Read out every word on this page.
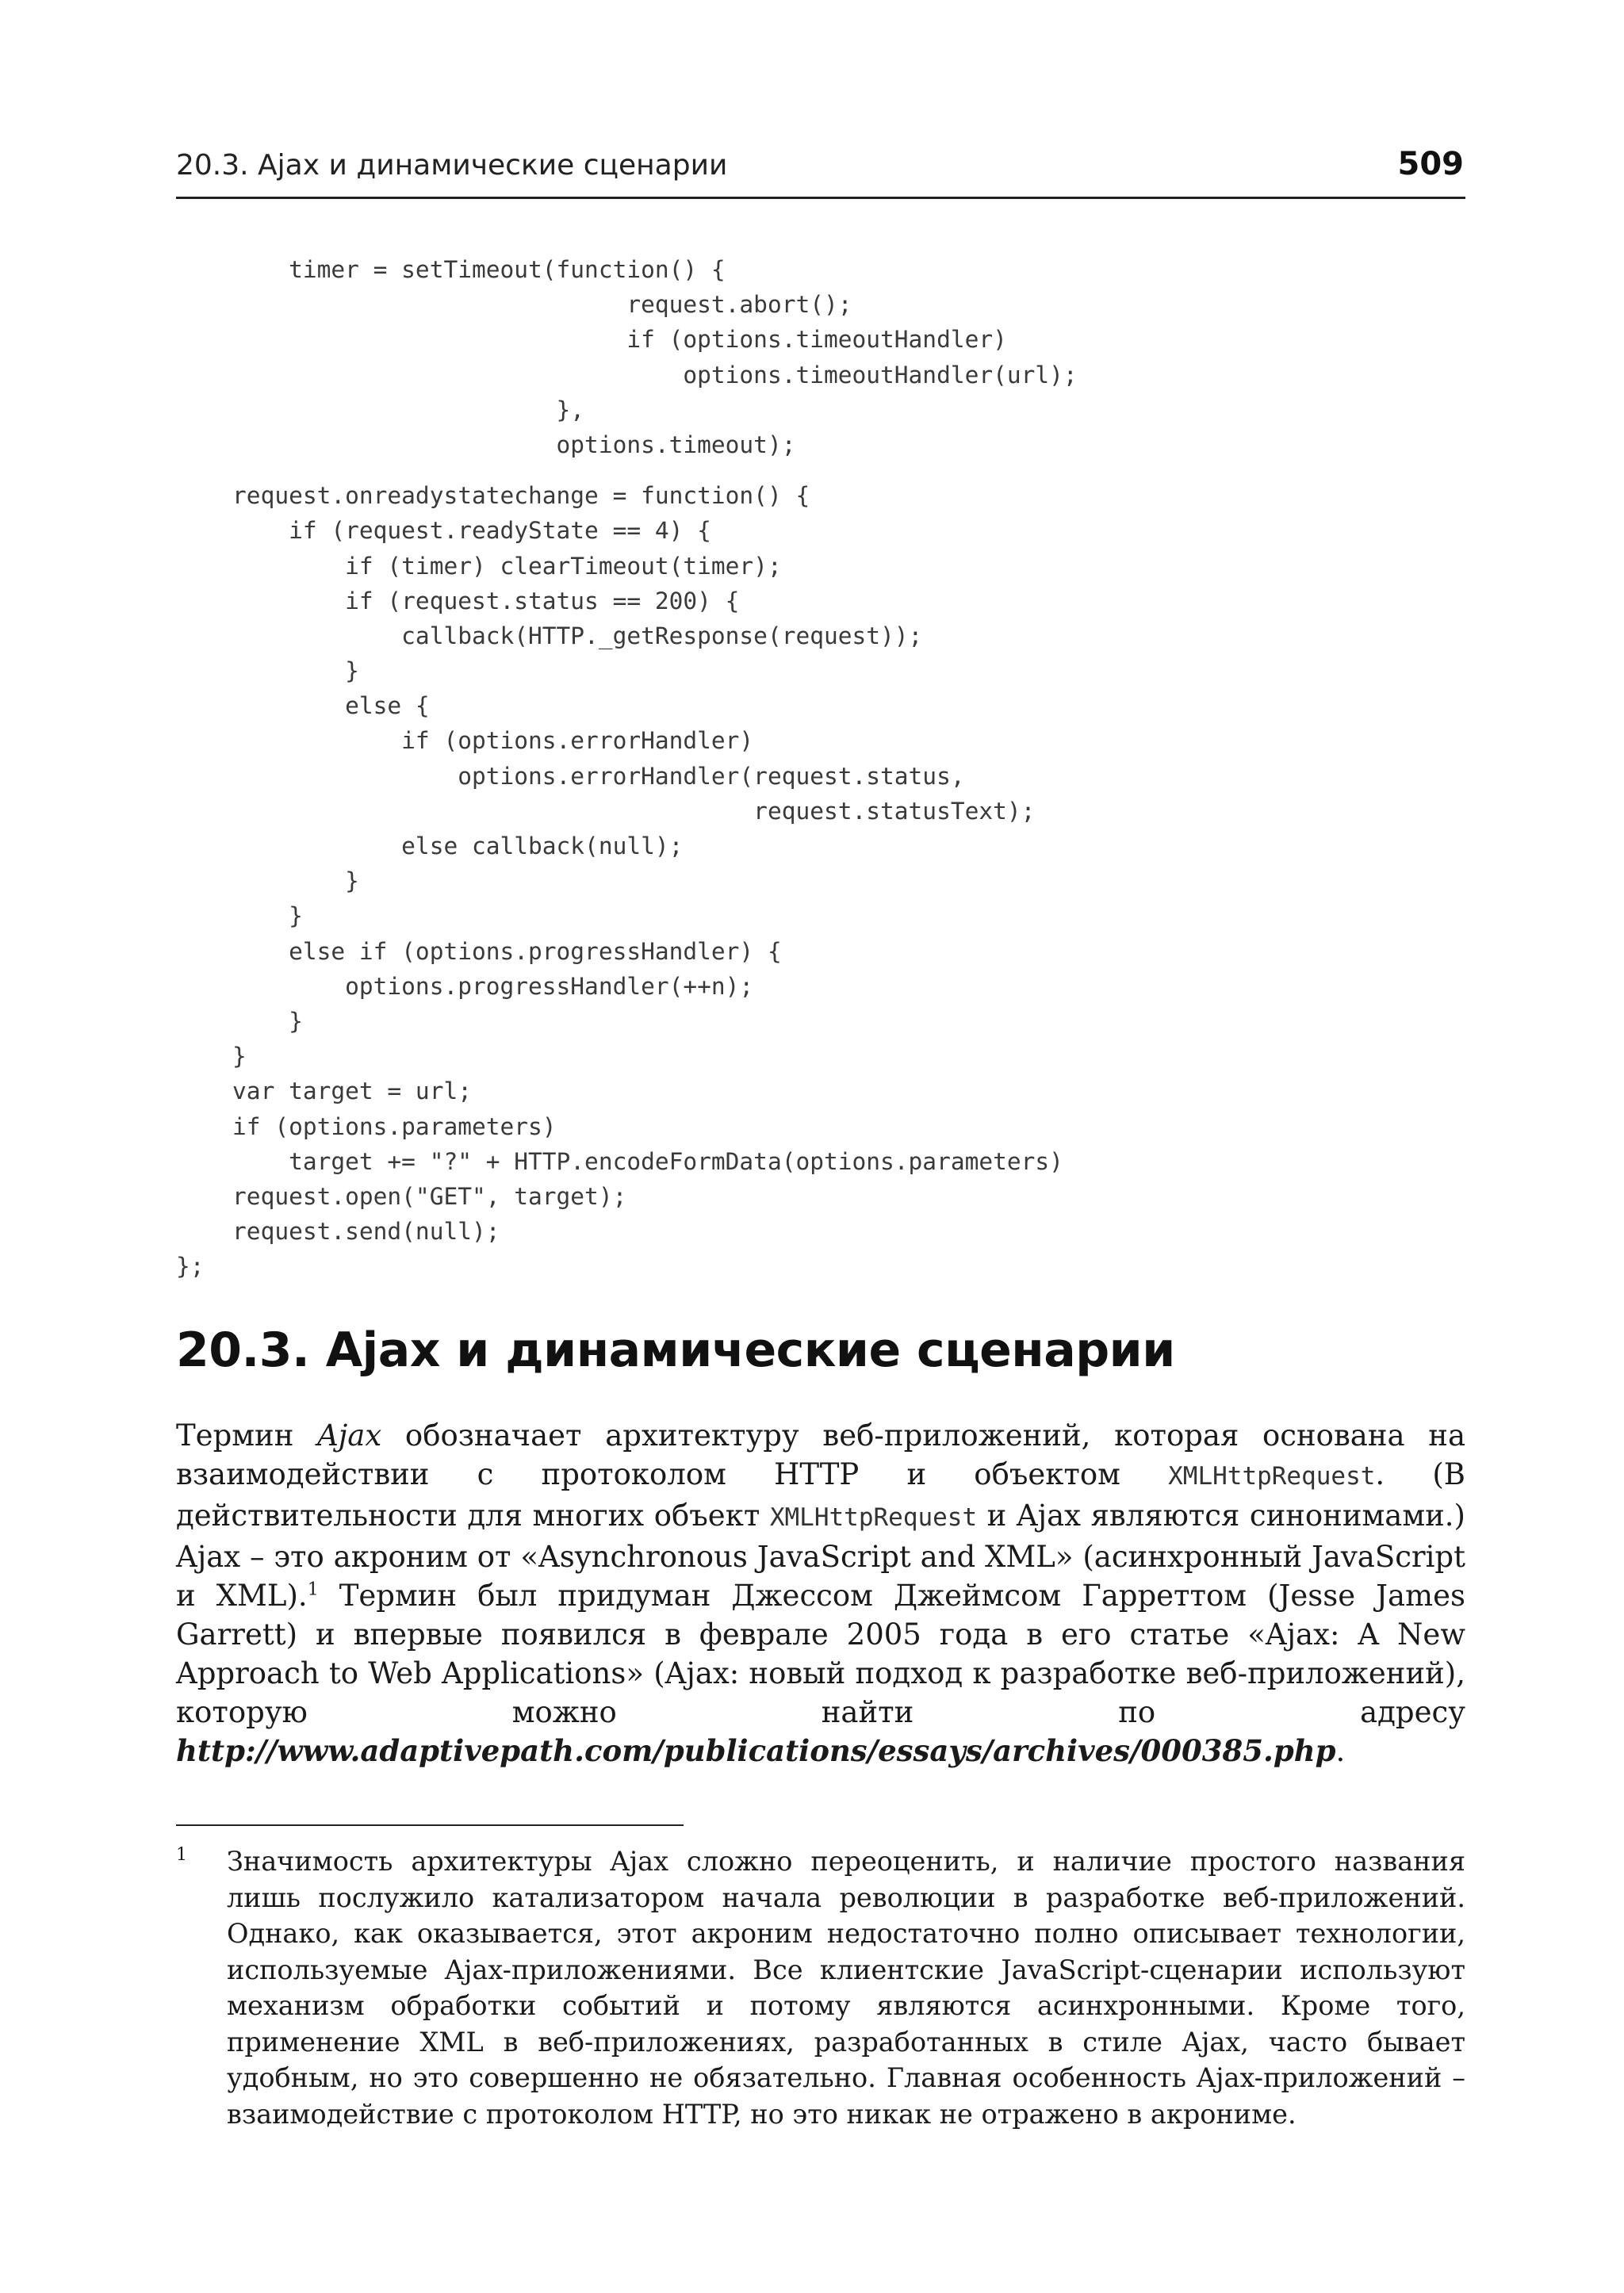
20.3. Ajax и динамические сценарии	509
timer = setTimeout(function() {
request.abort();
if (options.timeoutHandler)
options.timeoutHandler(url);
},
options.timeout);
request.onreadystatechange = function() {
if (request.readyState == 4) {
if (timer) clearTimeout(timer);
if (request.status == 200) {
callback(HTTP._getResponse(request));
}
else {
if (options.errorHandler)
options.errorHandler(request.status,
request.statusText);
else callback(null);
}
}
else if (options.progressHandler) {
options.progressHandler(++n);
}
}
var target = url;
if (options.parameters)
target += "?" + HTTP.encodeFormData(options.parameters)
request.open("GET", target);
request.send(null);
};
20.3. Ajax и динамические сценарии

Термин Ajax обозначает архитектуру веб-приложений, которая основана на взаимодействии с протоколом HTTP и объектом XMLHttpRequest. (В действительности для многих объект XMLHttpRequest и Ajax являются синонимами.) Ajax – это акроним от «Asynchronous JavaScript and XML» (асинхронный JavaScript и XML).$^1$ Термин был придуман Джессом Джеймсом Гарреттом (Jesse James Garrett) и впервые появился в феврале 2005 года в его статье «Ajax: A New Approach to Web Applications» (Ajax: новый подход к разработке веб-приложений), которую можно найти по адресу http://www.adaptivepath.com/publications/essays/archives/000385.php.

1 Значимость архитектуры Ajax сложно переоценить, и наличие простого названия лишь послужило катализатором начала революции в разработке веб-приложений. Однако, как оказывается, этот акроним недостаточно полно описывает технологии, используемые Ajax-приложениями. Все клиентские JavaScript-сценарии используют механизм обработки событий и потому являются асинхронными. Кроме того, применение XML в веб-приложениях, разработанных в стиле Ajax, часто бывает удобным, но это совершенно не обязательно. Главная особенность Ajax-приложений – взаимодействие с протоколом HTTP, но это никак не отражено в акрониме.
